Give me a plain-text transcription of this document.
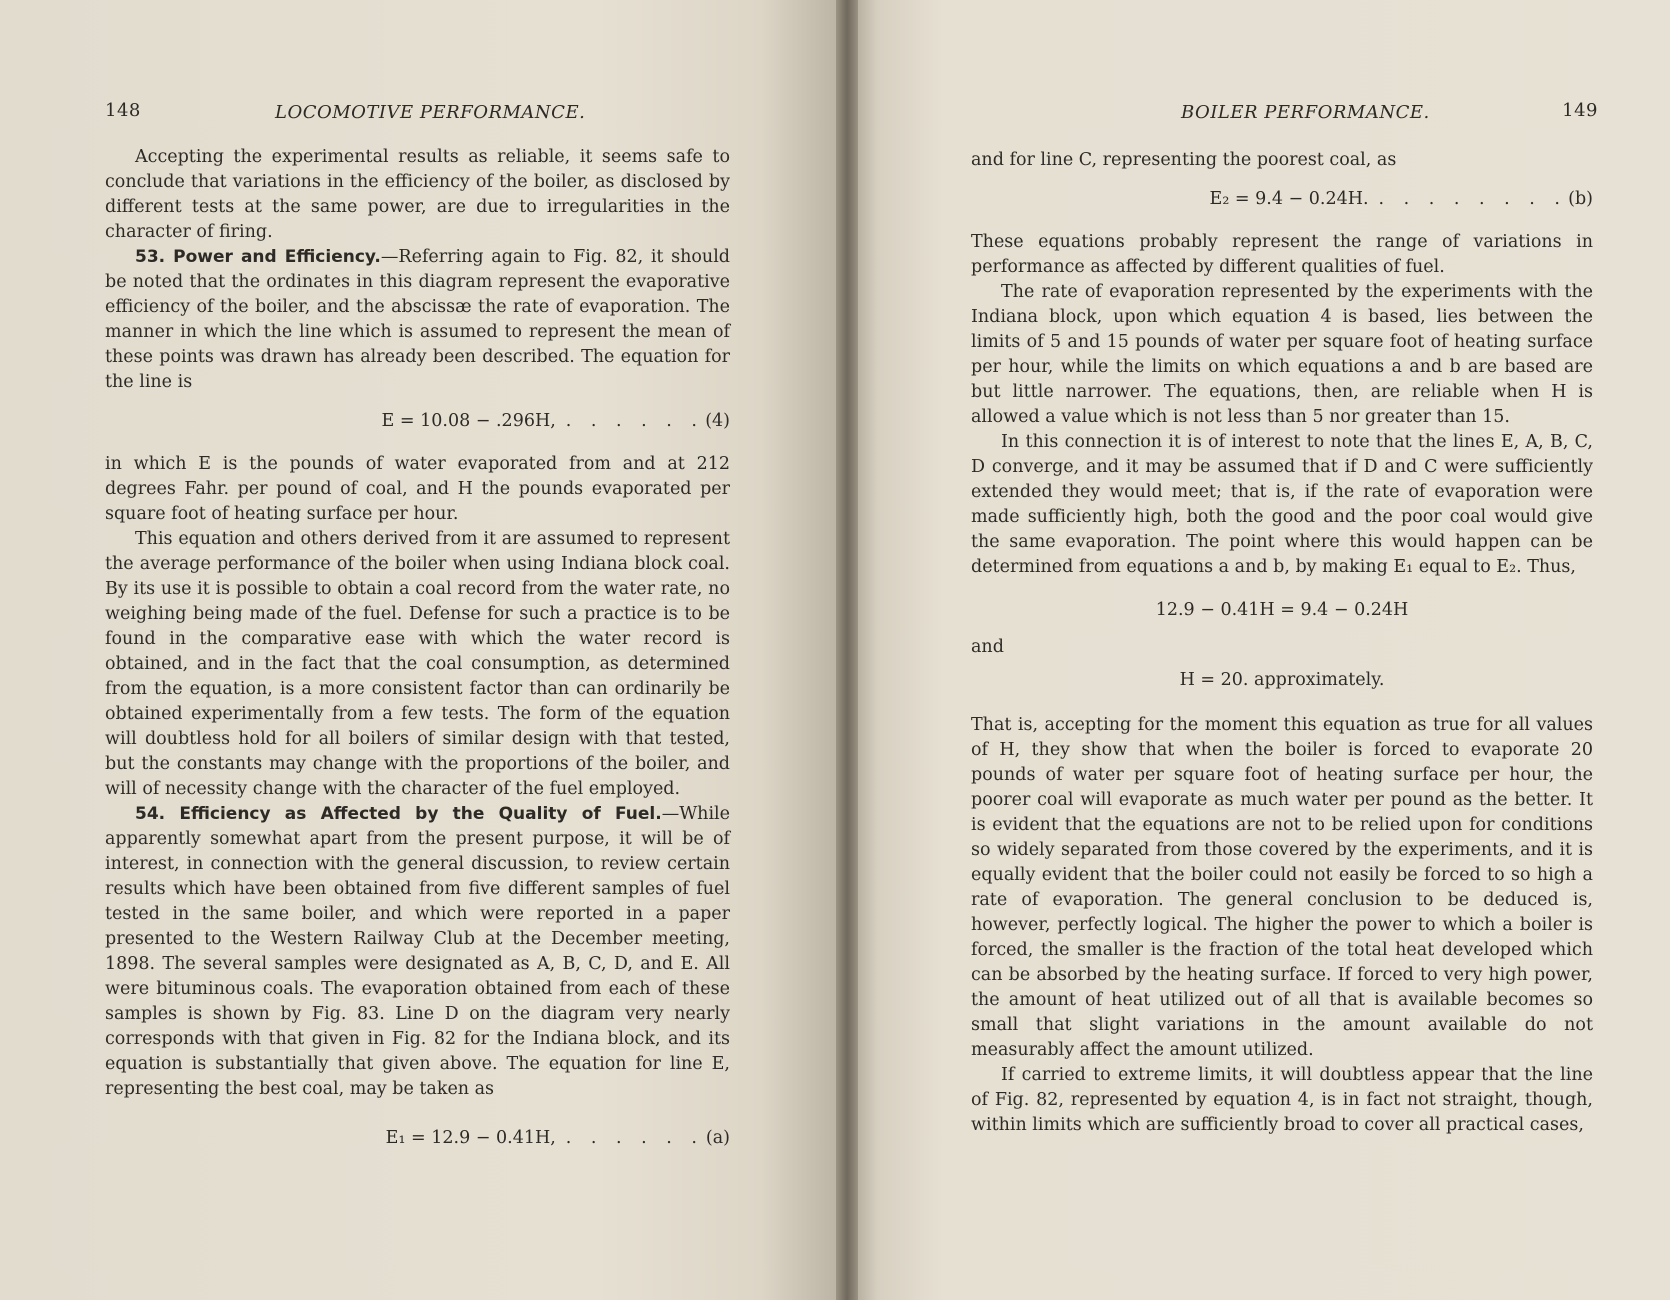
148	LOCOMOTIVE PERFORMANCE.

Accepting the experimental results as reliable, it seems safe to conclude that variations in the efficiency of the boiler, as disclosed by different tests at the same power, are due to irregularities in the character of firing.

53. Power and Efficiency.—Referring again to Fig. 82, it should be noted that the ordinates in this diagram represent the evaporative efficiency of the boiler, and the abscissæ the rate of evaporation. The manner in which the line which is assumed to represent the mean of these points was drawn has already been described. The equation for the line is

E = 10.08 − .296H, . . . . . .(4)

in which E is the pounds of water evaporated from and at 212 degrees Fahr. per pound of coal, and H the pounds evaporated per square foot of heating surface per hour.

This equation and others derived from it are assumed to represent the average performance of the boiler when using Indiana block coal. By its use it is possible to obtain a coal record from the water rate, no weighing being made of the fuel. Defense for such a practice is to be found in the comparative ease with which the water record is obtained, and in the fact that the coal consumption, as determined from the equation, is a more consistent factor than can ordinarily be obtained experimentally from a few tests. The form of the equation will doubtless hold for all boilers of similar design with that tested, but the constants may change with the proportions of the boiler, and will of necessity change with the character of the fuel employed.

54. Efficiency as Affected by the Quality of Fuel.—While apparently somewhat apart from the present purpose, it will be of interest, in connection with the general discussion, to review certain results which have been obtained from five different samples of fuel tested in the same boiler, and which were reported in a paper presented to the Western Railway Club at the December meeting, 1898. The several samples were designated as A, B, C, D, and E. All were bituminous coals. The evaporation obtained from each of these samples is shown by Fig. 83. Line D on the diagram very nearly corresponds with that given in Fig. 82 for the Indiana block, and its equation is substantially that given above. The equation for line E, representing the best coal, may be taken as

E₁ = 12.9 − 0.41H, . . . . . . (a)
BOILER PERFORMANCE.	149

and for line C, representing the poorest coal, as

E₂ = 9.4 − 0.24H. . . . . . . . .(b)

These equations probably represent the range of variations in performance as affected by different qualities of fuel.

The rate of evaporation represented by the experiments with the Indiana block, upon which equation 4 is based, lies between the limits of 5 and 15 pounds of water per square foot of heating surface per hour, while the limits on which equations a and b are based are but little narrower. The equations, then, are reliable when H is allowed a value which is not less than 5 nor greater than 15.

In this connection it is of interest to note that the lines E, A, B, C, D converge, and it may be assumed that if D and C were sufficiently extended they would meet; that is, if the rate of evaporation were made sufficiently high, both the good and the poor coal would give the same evaporation. The point where this would happen can be determined from equations a and b, by making E₁ equal to E₂. Thus,

12.9 − 0.41H = 9.4 − 0.24H

and

H = 20. approximately.

That is, accepting for the moment this equation as true for all values of H, they show that when the boiler is forced to evaporate 20 pounds of water per square foot of heating surface per hour, the poorer coal will evaporate as much water per pound as the better. It is evident that the equations are not to be relied upon for conditions so widely separated from those covered by the experiments, and it is equally evident that the boiler could not easily be forced to so high a rate of evaporation. The general conclusion to be deduced is, however, perfectly logical. The higher the power to which a boiler is forced, the smaller is the fraction of the total heat developed which can be absorbed by the heating surface. If forced to very high power, the amount of heat utilized out of all that is available becomes so small that slight variations in the amount available do not measurably affect the amount utilized.

If carried to extreme limits, it will doubtless appear that the line of Fig. 82, represented by equation 4, is in fact not straight, though, within limits which are sufficiently broad to cover all practical cases,
